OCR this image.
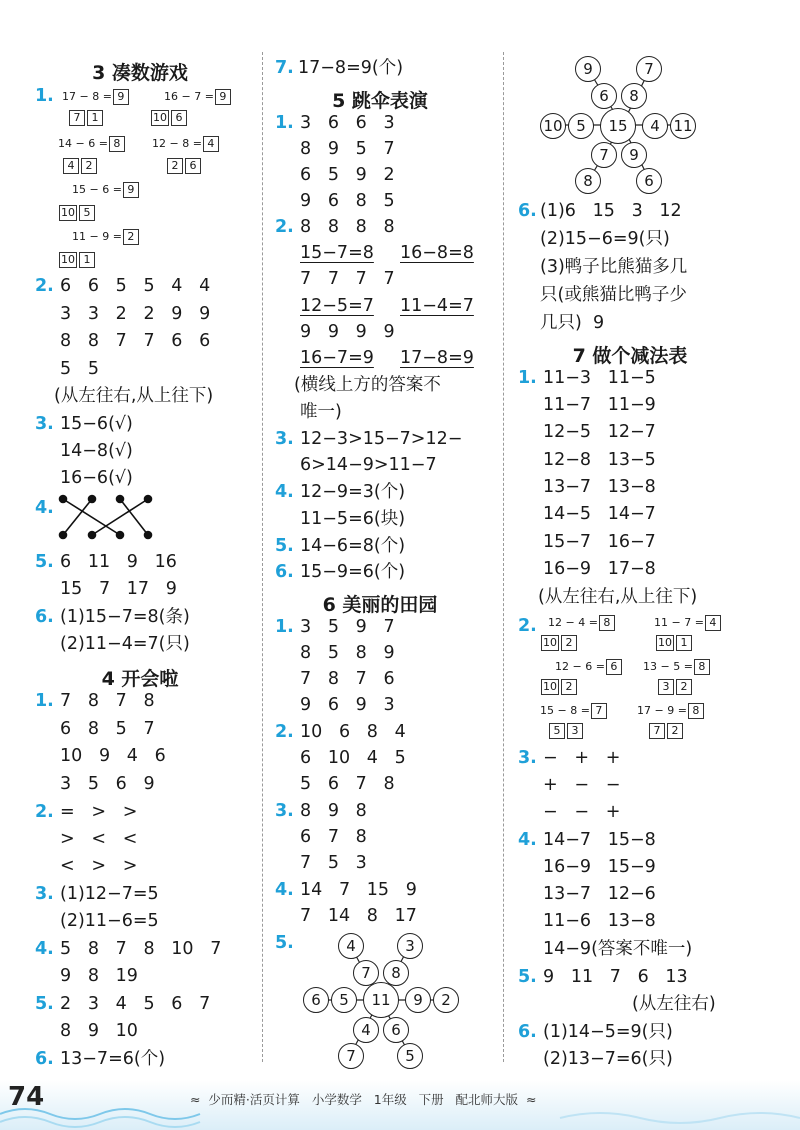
3 凑数游戏
1. 17 − 8 = 9
7 1
16 − 7 = 9
10 6
14 − 6 = 8
4 2
12 − 8 = 4
2 6
15 − 6 = 9
10 5
11 − 9 = 2
10 1
2. 6   6   5   5   4   4
3   3   2   2   9   9
8   8   7   7   6   6
5   5
(从左往右,从上往下)
3. 15−6(√)
14−8(√)
16−6(√)
4.
5. 6   11   9   16
15   7   17   9
6. (1)15−7=8(条)
(2)11−4=7(只)
4 开会啦
1. 7   8   7   8
6   8   5   7
10   9   4   6
3   5   6   9
2. =   >   >
>   <   <
<   >   >
3. (1)12−7=5
(2)11−6=5
4. 5   8   7   8   10   7
9   8   19
5. 2   3   4   5   6   7
8   9   10
6. 13−7=6(个)
7. 17−8=9(个)
5 跳伞表演
1. 3   6   6   3
8   9   5   7
6   5   9   2
9   6   8   5
2. 8   8   8   8
15−7=8 16−8=8
7   7   7   7
12−5=7 11−4=7
9   9   9   9
16−7=9 17−8=9
(横线上方的答案不
唯一)
3. 12−3>15−7>12−
6>14−9>11−7
4. 12−9=3(个)
11−5=6(块)
5. 14−6=8(个)
6. 15−9=6(个)
6 美丽的田园
1. 3   5   9   7
8   5   8   9
7   8   7   6
9   6   9   3
2. 10   6   8   4
6   10   4   5
5   6   7   8
3. 8   9   8
6   7   8
7   5   3
4. 14   7   15   9
7   14   8   17
5.	4	3
7	8
6	5	11	9	2
4	6
7	5
9	7
6	8
10 5	15	4 11
7	9
8	6
6. (1)6   15   3   12
(2)15−6=9(只)
(3)鸭子比熊猫多几
只(或熊猫比鸭子少
几只)  9
7 做个减法表
1. 11−3   11−5
11−7   11−9
12−5   12−7
12−8   13−5
13−7   13−8
14−5   14−7
15−7   16−7
16−9   17−8
(从左往右,从上往下)
2. 12 − 4 = 8
10 2
11 − 7 = 4
10 1
12 − 6 = 6
10 2
13 − 5 = 8
3 2
15 − 8 = 7
5 3
17 − 9 = 8
7 2
3. −   +   +
+   −   −
−   −   +
4. 14−7   15−8
16−9   15−9
13−7   12−6
11−6   13−8
14−9(答案不唯一)
5. 9   11   7   6   13
(从左往右)
6. (1)14−5=9(只)
(2)13−7=6(只)
74	≈  少而精·活页计算   小学数学   1年级   下册   配北师大版  ≈
